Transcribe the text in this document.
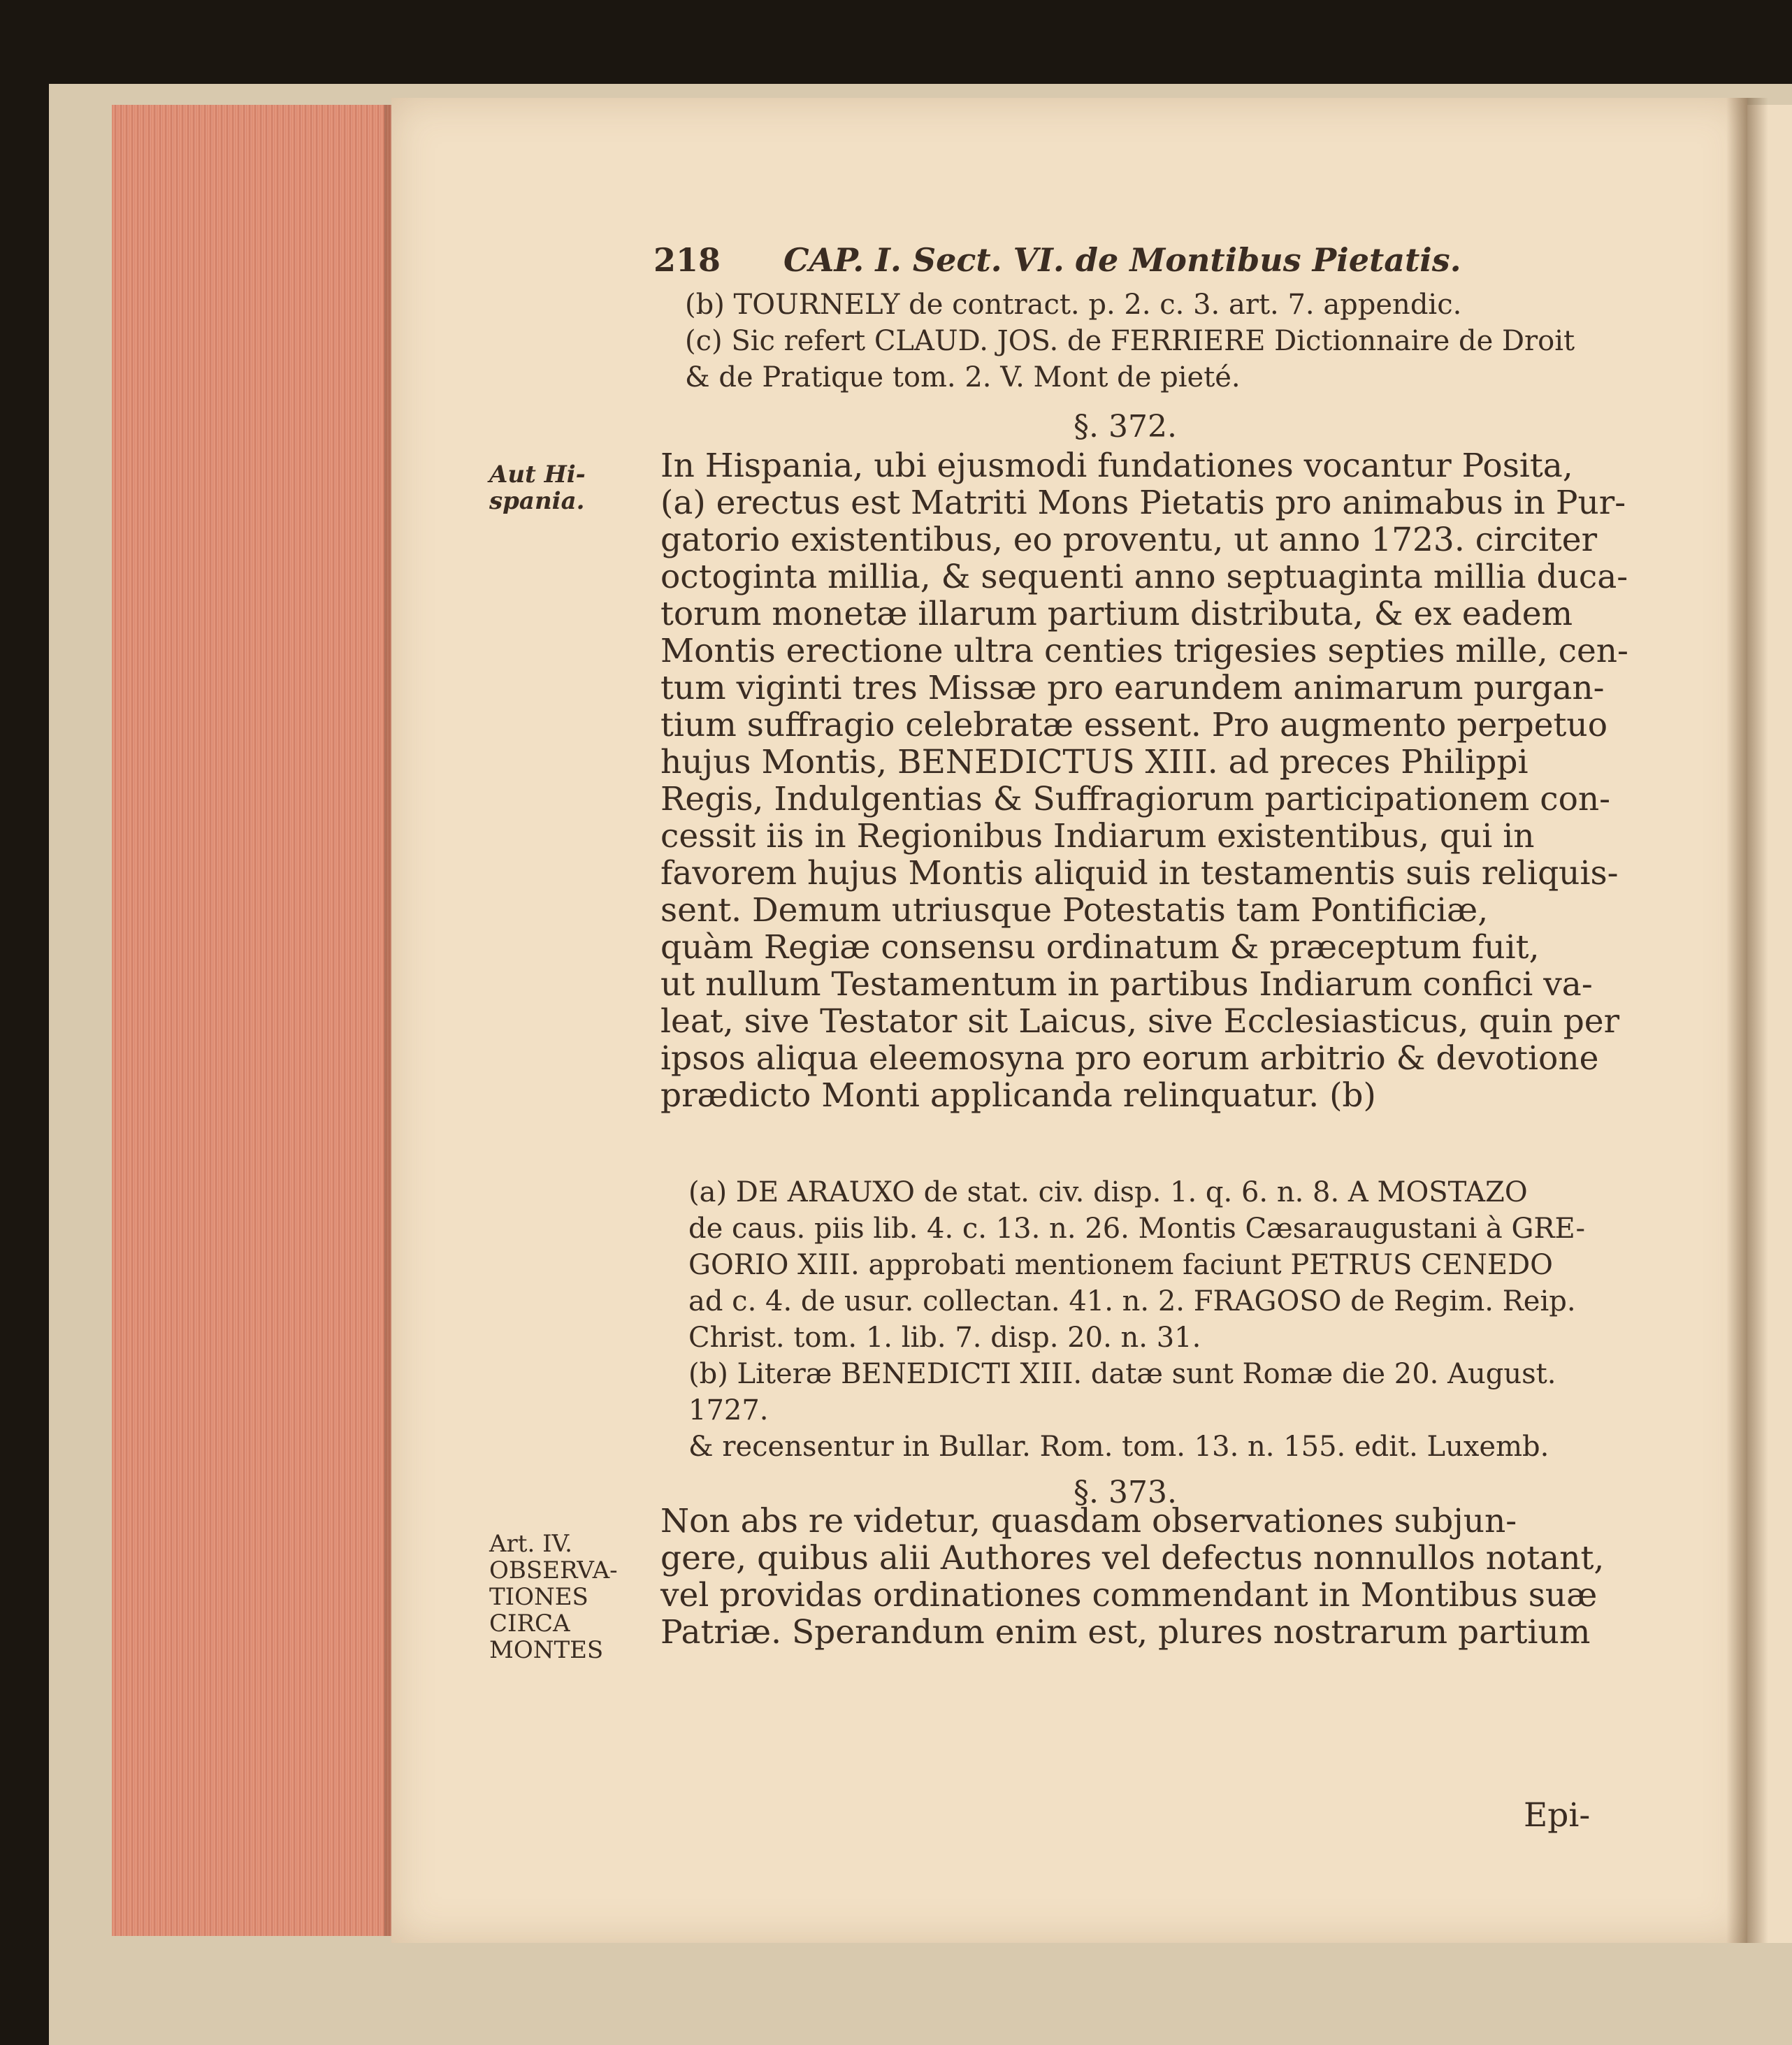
218 CAP. I. Sect. VI. de Montibus Pietatis.
(b) TOURNELY de contract. p. 2. c. 3. art. 7. appendic.
(c) Sic refert CLAUD. JOS. de FERRIERE Dictionnaire de Droit
& de Pratique tom. 2. V. Mont de pieté.
§. 372.
Aut Hi-
spania.
In Hispania, ubi ejusmodi fundationes vocantur Posita,
(a) erectus est Matriti Mons Pietatis pro animabus in Pur-
gatorio existentibus, eo proventu, ut anno 1723. circiter
octoginta millia, & sequenti anno septuaginta millia duca-
torum monetæ illarum partium distributa, & ex eadem
Montis erectione ultra centies trigesies septies mille, cen-
tum viginti tres Missæ pro earundem animarum purgan-
tium suffragio celebratæ essent. Pro augmento perpetuo
hujus Montis, BENEDICTUS XIII. ad preces Philippi
Regis, Indulgentias & Suffragiorum participationem con-
cessit iis in Regionibus Indiarum existentibus, qui in
favorem hujus Montis aliquid in testamentis suis reliquis-
sent. Demum utriusque Potestatis tam Pontificiæ,
quàm Regiæ consensu ordinatum & præceptum fuit,
ut nullum Testamentum in partibus Indiarum confici va-
leat, sive Testator sit Laicus, sive Ecclesiasticus, quin per
ipsos aliqua eleemosyna pro eorum arbitrio & devotione
prædicto Monti applicanda relinquatur. (b)
(a) DE ARAUXO de stat. civ. disp. 1. q. 6. n. 8. A MOSTAZO
de caus. piis lib. 4. c. 13. n. 26. Montis Cæsaraugustani à GRE-
GORIO XIII. approbati mentionem faciunt PETRUS CENEDO
ad c. 4. de usur. collectan. 41. n. 2. FRAGOSO de Regim. Reip.
Christ. tom. 1. lib. 7. disp. 20. n. 31.
(b) Literæ BENEDICTI XIII. datæ sunt Romæ die 20. August. 1727.
& recensentur in Bullar. Rom. tom. 13. n. 155. edit. Luxemb.
§. 373.
Art. IV.
OBSERVA-
TIONES
CIRCA
MONTES
Non abs re videtur, quasdam observationes subjun-
gere, quibus alii Authores vel defectus nonnullos notant,
vel providas ordinationes commendant in Montibus suæ
Patriæ. Sperandum enim est, plures nostrarum partium
Epi-
